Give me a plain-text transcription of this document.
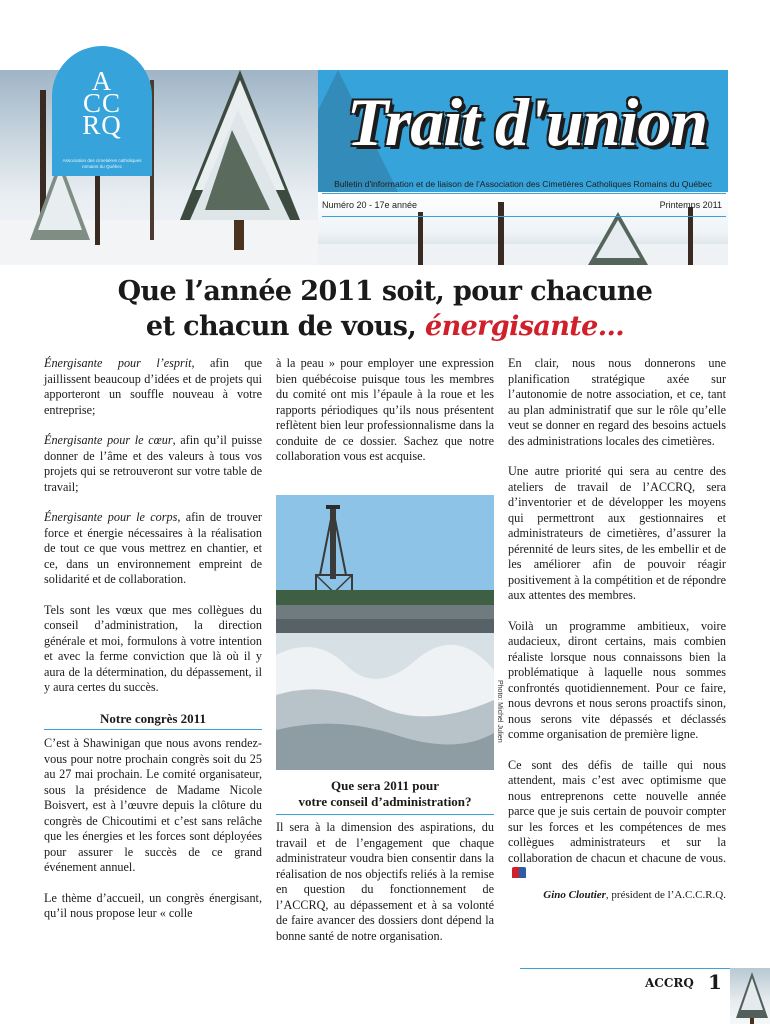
A
CC
RQ
Association des cimetières catholiques romains du Québec
Trait d'union
Bulletin d'information et de liaison de l'Association des Cimetières Catholiques Romains du Québec
Numéro 20 - 17e année	Printemps 2011
Que l’année 2011 soit, pour chacune
et chacun de vous, énergisante...

Énergisante pour l’esprit, afin que jaillissent beaucoup d’idées et de projets qui apporteront un souffle nouveau à votre entreprise;

Énergisante pour le cœur, afin qu’il puisse donner de l’âme et des valeurs à tous vos projets qui se retrouveront sur votre table de travail;

Énergisante pour le corps, afin de trouver force et énergie nécessaires à la réalisation de tout ce que vous mettrez en chantier, et ce, dans un environnement empreint de solidarité et de collaboration.

Tels sont les vœux que mes collègues du conseil d’administration, la direction générale et moi, formulons à votre intention et avec la ferme conviction que là où il y aura de la détermination, du dépassement, il y aura certes du succès.

Notre congrès 2011

C’est à Shawinigan que nous avons rendez-vous pour notre prochain congrès soit du 25 au 27 mai prochain. Le comité organisateur, sous la présidence de Madame Nicole Boisvert, est à l’œuvre depuis la clôture du congrès de Chicoutimi et c’est sans relâche que les énergies et les forces sont déployées pour assurer le succès de ce grand événement annuel.

Le thème d’accueil, un congrès énergisant, qu’il nous propose leur « colle

à la peau » pour employer une expression bien québécoise puisque tous les membres du comité ont mis l’épaule à la roue et les rapports périodiques qu’ils nous présentent reflètent bien leur professionnalisme dans la conduite de ce dossier. Sachez que notre collaboration vous est acquise.

Photo: Michel Julien
Que sera 2011 pour
votre conseil d’administration?

Il sera à la dimension des aspirations, du travail et de l’engagement que chaque administrateur voudra bien consentir dans la réalisation de nos objectifs reliés à la remise en question du fonctionnement de l’ACCRQ, au dépassement et à sa volonté de faire avancer des dossiers dont dépend la bonne santé de notre organisation.

En clair, nous nous donnerons une planification stratégique axée sur l’autonomie de notre association, et ce, tant au plan administratif que sur le rôle qu’elle veut se donner en regard des besoins actuels des administrations locales des cimetières.

Une autre priorité qui sera au centre des ateliers de travail de l’ACCRQ, sera d’inventorier et de développer les moyens qui permettront aux gestionnaires et administrateurs de cimetières, d’assurer la pérennité de leurs sites, de les embellir et de les améliorer afin de pouvoir réagir positivement à la compétition et de répondre aux attentes des membres.

Voilà un programme ambitieux, voire audacieux, diront certains, mais combien réaliste lorsque nous connaissons bien la problématique à laquelle nous sommes confrontés quotidiennement. Pour ce faire, nous devrons et nous serons proactifs sinon, nous serons vite dépassés et déclassés comme organisation de première ligne.

Ce sont des défis de taille qui nous attendent, mais c’est avec optimisme que nous entreprenons cette nouvelle année parce que je suis certain de pouvoir compter sur les forces et les compétences de mes collègues administrateurs et sur la collaboration de chacun et chacune de vous.

Gino Cloutier, président de l’A.C.C.R.Q.
ACCRQ 1
